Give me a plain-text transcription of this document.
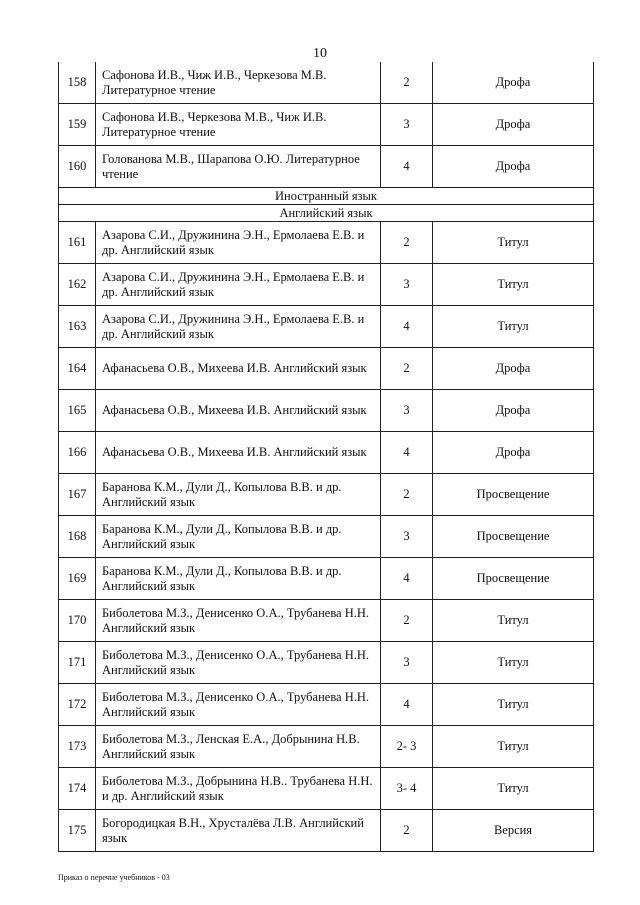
10
158	Сафонова И.В., Чиж И.В., Черкезова М.В. Литературное чтение	2	Дрофа
159	Сафонова И.В., Черкезова М.В., Чиж И.В. Литературное чтение	3	Дрофа
160	Голованова М.В., Шарапова О.Ю. Литературное чтение	4	Дрофа
Иностранный язык			
Английский язык			
161	Азарова С.И., Дружинина Э.Н., Ермолаева Е.В. и др. Английский язык	2	Титул
162	Азарова С.И., Дружинина Э.Н., Ермолаева Е.В. и др. Английский язык	3	Титул
163	Азарова С.И., Дружинина Э.Н., Ермолаева Е.В. и др. Английский язык	4	Титул
164	Афанасьева О.В., Михеева И.В. Английский язык	2	Дрофа
165	Афанасьева О.В., Михеева И.В. Английский язык	3	Дрофа
166	Афанасьева О.В., Михеева И.В. Английский язык	4	Дрофа
167	Баранова К.М., Дули Д., Копылова В.В. и др. Английский язык	2	Просвещение
168	Баранова К.М., Дули Д., Копылова В.В. и др. Английский язык	3	Просвещение
169	Баранова К.М., Дули Д., Копылова В.В. и др. Английский язык	4	Просвещение
170	Биболетова М.З., Денисенко О.А., Трубанева Н.Н. Английский язык	2	Титул
171	Биболетова М.З., Денисенко О.А., Трубанева Н.Н. Английский язык	3	Титул
172	Биболетова М.З., Денисенко О.А., Трубанева Н.Н. Английский язык	4	Титул
173	Биболетова М.З., Ленская Е.А., Добрынина Н.В. Английский язык	2- 3	Титул
174	Биболетова М.З., Добрынина Н.В.. Трубанева Н.Н. и др. Английский язык	3- 4	Титул
175	Богородицкая В.Н., Хрусталёва Л.В. Английский язык	2	Версия
Приказ о перечне учебников - 03
